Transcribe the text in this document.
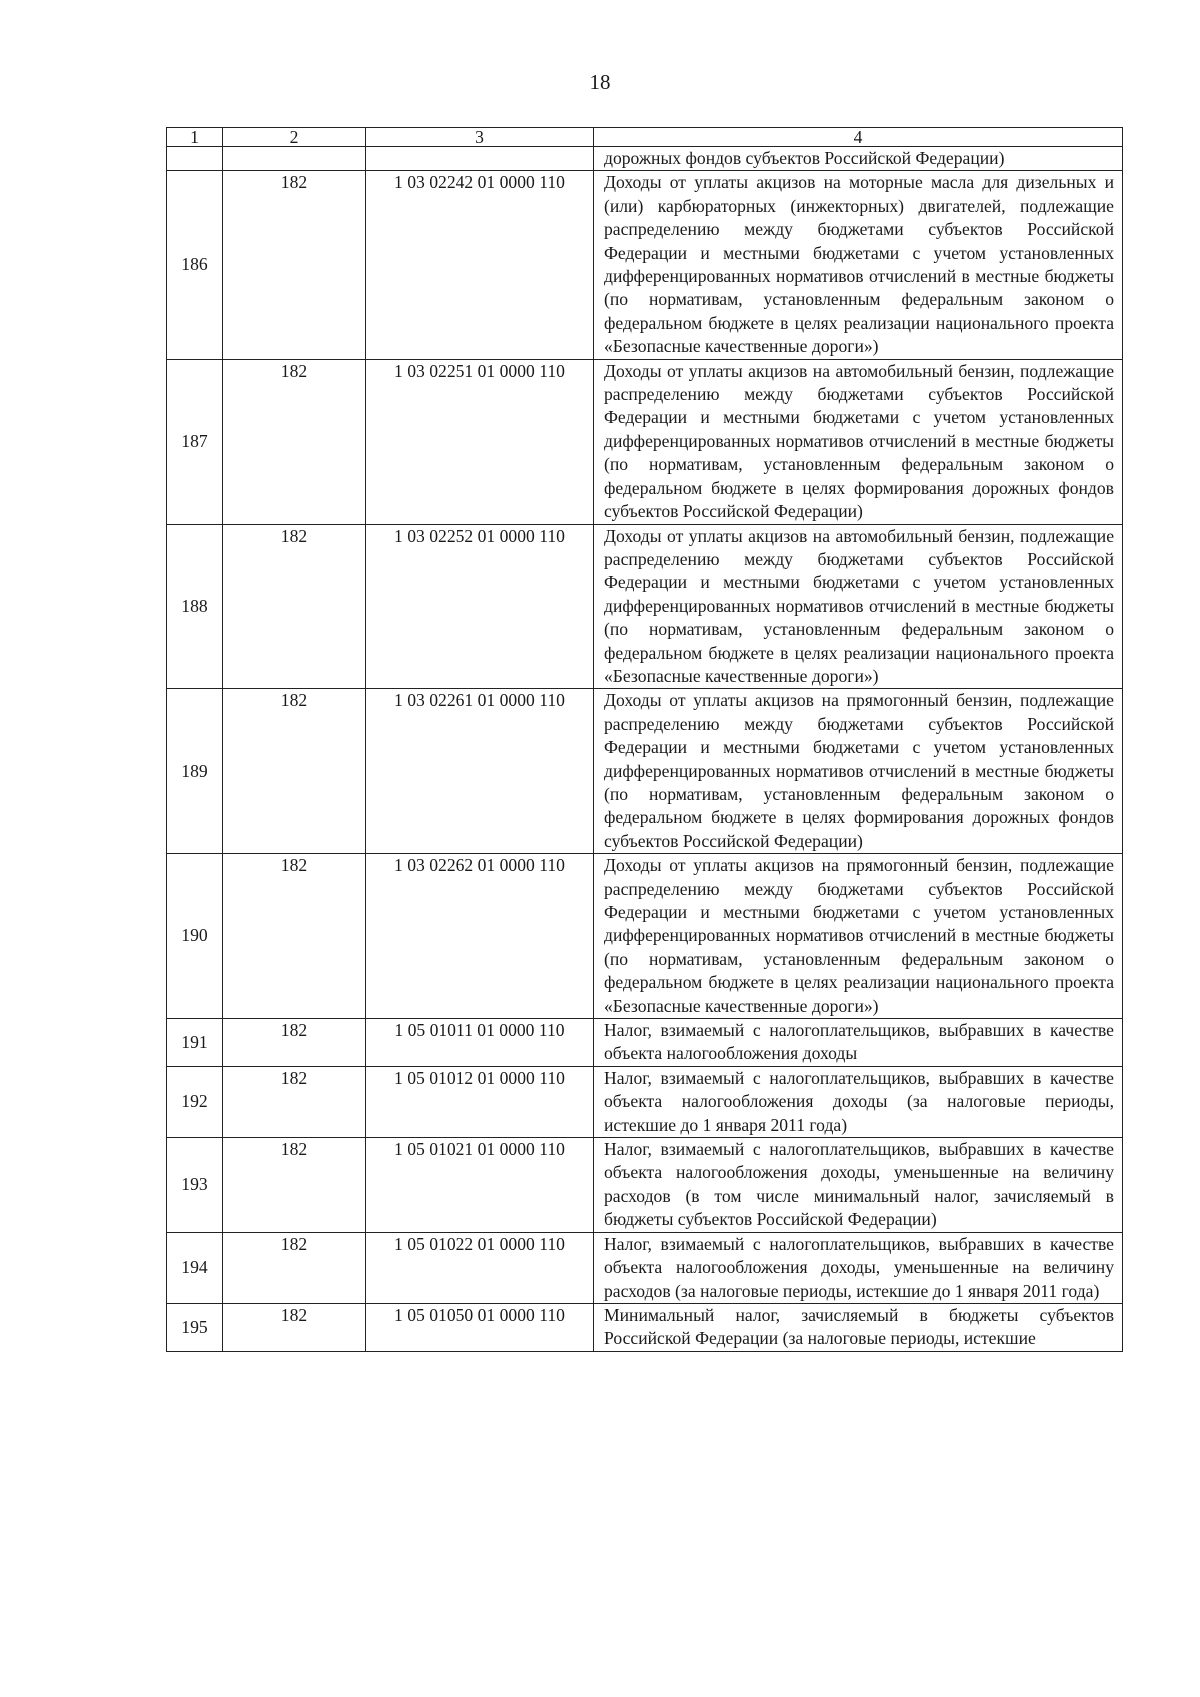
18
1	2	3	4
			дорожных фондов субъектов Российской Федерации)
186	182	1 03 02242 01 0000 110	Доходы от уплаты акцизов на моторные масла для дизельных и (или) карбюраторных (инжекторных) двигателей, подлежащие распределению между бюджетами субъектов Российской Федерации и местными бюджетами с учетом установленных дифференцированных нормативов отчислений в местные бюджеты (по нормативам, установленным федеральным законом о федеральном бюджете в целях реализации национального проекта «Безопасные качественные дороги»)
187	182	1 03 02251 01 0000 110	Доходы от уплаты акцизов на автомобильный бензин, подлежащие распределению между бюджетами субъектов Российской Федерации и местными бюджетами с учетом установленных дифференцированных нормативов отчислений в местные бюджеты (по нормативам, установленным федеральным законом о федеральном бюджете в целях формирования дорожных фондов субъектов Российской Федерации)
188	182	1 03 02252 01 0000 110	Доходы от уплаты акцизов на автомобильный бензин, подлежащие распределению между бюджетами субъектов Российской Федерации и местными бюджетами с учетом установленных дифференцированных нормативов отчислений в местные бюджеты (по нормативам, установленным федеральным законом о федеральном бюджете в целях реализации национального проекта «Безопасные качественные дороги»)
189	182	1 03 02261 01 0000 110	Доходы от уплаты акцизов на прямогонный бензин, подлежащие распределению между бюджетами субъектов Российской Федерации и местными бюджетами с учетом установленных дифференцированных нормативов отчислений в местные бюджеты (по нормативам, установленным федеральным законом о федеральном бюджете в целях формирования дорожных фондов субъектов Российской Федерации)
190	182	1 03 02262 01 0000 110	Доходы от уплаты акцизов на прямогонный бензин, подлежащие распределению между бюджетами субъектов Российской Федерации и местными бюджетами с учетом установленных дифференцированных нормативов отчислений в местные бюджеты (по нормативам, установленным федеральным законом о федеральном бюджете в целях реализации национального проекта «Безопасные качественные дороги»)
191	182	1 05 01011 01 0000 110	Налог, взимаемый с налогоплательщиков, выбравших в качестве объекта налогообложения доходы
192	182	1 05 01012 01 0000 110	Налог, взимаемый с налогоплательщиков, выбравших в качестве объекта налогообложения доходы (за налоговые периоды, истекшие до 1 января 2011 года)
193	182	1 05 01021 01 0000 110	Налог, взимаемый с налогоплательщиков, выбравших в качестве объекта налогообложения доходы, уменьшенные на величину расходов (в том числе минимальный налог, зачисляемый в бюджеты субъектов Российской Федерации)
194	182	1 05 01022 01 0000 110	Налог, взимаемый с налогоплательщиков, выбравших в качестве объекта налогообложения доходы, уменьшенные на величину расходов (за налоговые периоды, истекшие до 1 января 2011 года)
195	182	1 05 01050 01 0000 110	Минимальный налог, зачисляемый в бюджеты субъектов Российской Федерации (за налоговые периоды, истекшие
